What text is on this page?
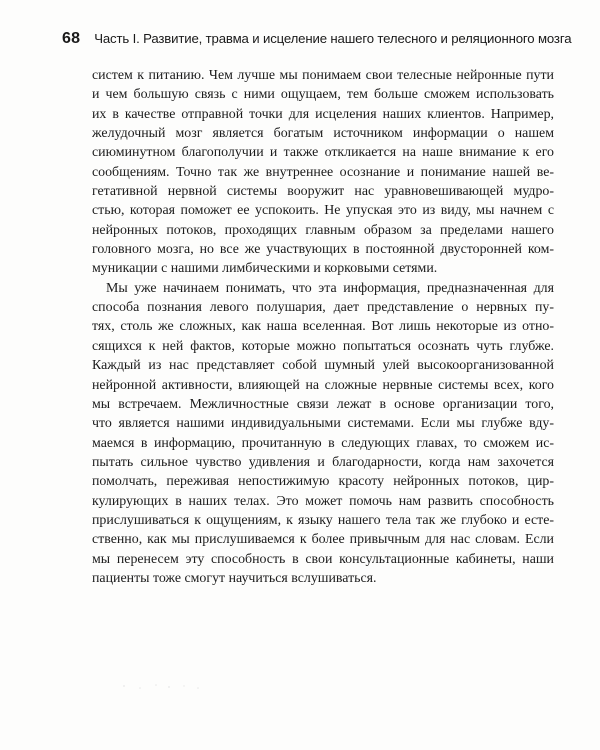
68 Часть I. Развитие, травма и исцеление нашего телесного и реляционного мозга
систем к питанию. Чем лучше мы понимаем свои телесные нейронные пути
и чем большую связь с ними ощущаем, тем больше сможем использовать
их в качестве отправной точки для исцеления наших клиентов. Например,
желудочный мозг является богатым источником информации о нашем
сиюминутном благополучии и также откликается на наше внимание к его
сообщениям. Точно так же внутреннее осознание и понимание нашей ве-
гетативной нервной системы вооружит нас уравновешивающей мудро-
стью, которая поможет ее успокоить. Не упуская это из виду, мы начнем с
нейронных потоков, проходящих главным образом за пределами нашего
головного мозга, но все же участвующих в постоянной двусторонней ком-
муникации с нашими лимбическими и корковыми сетями.
Мы уже начинаем понимать, что эта информация, предназначенная для
способа познания левого полушария, дает представление о нервных пу-
тях, столь же сложных, как наша вселенная. Вот лишь некоторые из отно-
сящихся к ней фактов, которые можно попытаться осознать чуть глубже.
Каждый из нас представляет собой шумный улей высокоорганизованной
нейронной активности, влияющей на сложные нервные системы всех, кого
мы встречаем. Межличностные связи лежат в основе организации того,
что является нашими индивидуальными системами. Если мы глубже вду-
маемся в информацию, прочитанную в следующих главах, то сможем ис-
пытать сильное чувство удивления и благодарности, когда нам захочется
помолчать, переживая непостижимую красоту нейронных потоков, цир-
кулирующих в наших телах. Это может помочь нам развить способность
прислушиваться к ощущениям, к языку нашего тела так же глубоко и есте-
ственно, как мы прислушиваемся к более привычным для нас словам. Если
мы перенесем эту способность в свои консультационные кабинеты, наши
пациенты тоже смогут научиться вслушиваться.
